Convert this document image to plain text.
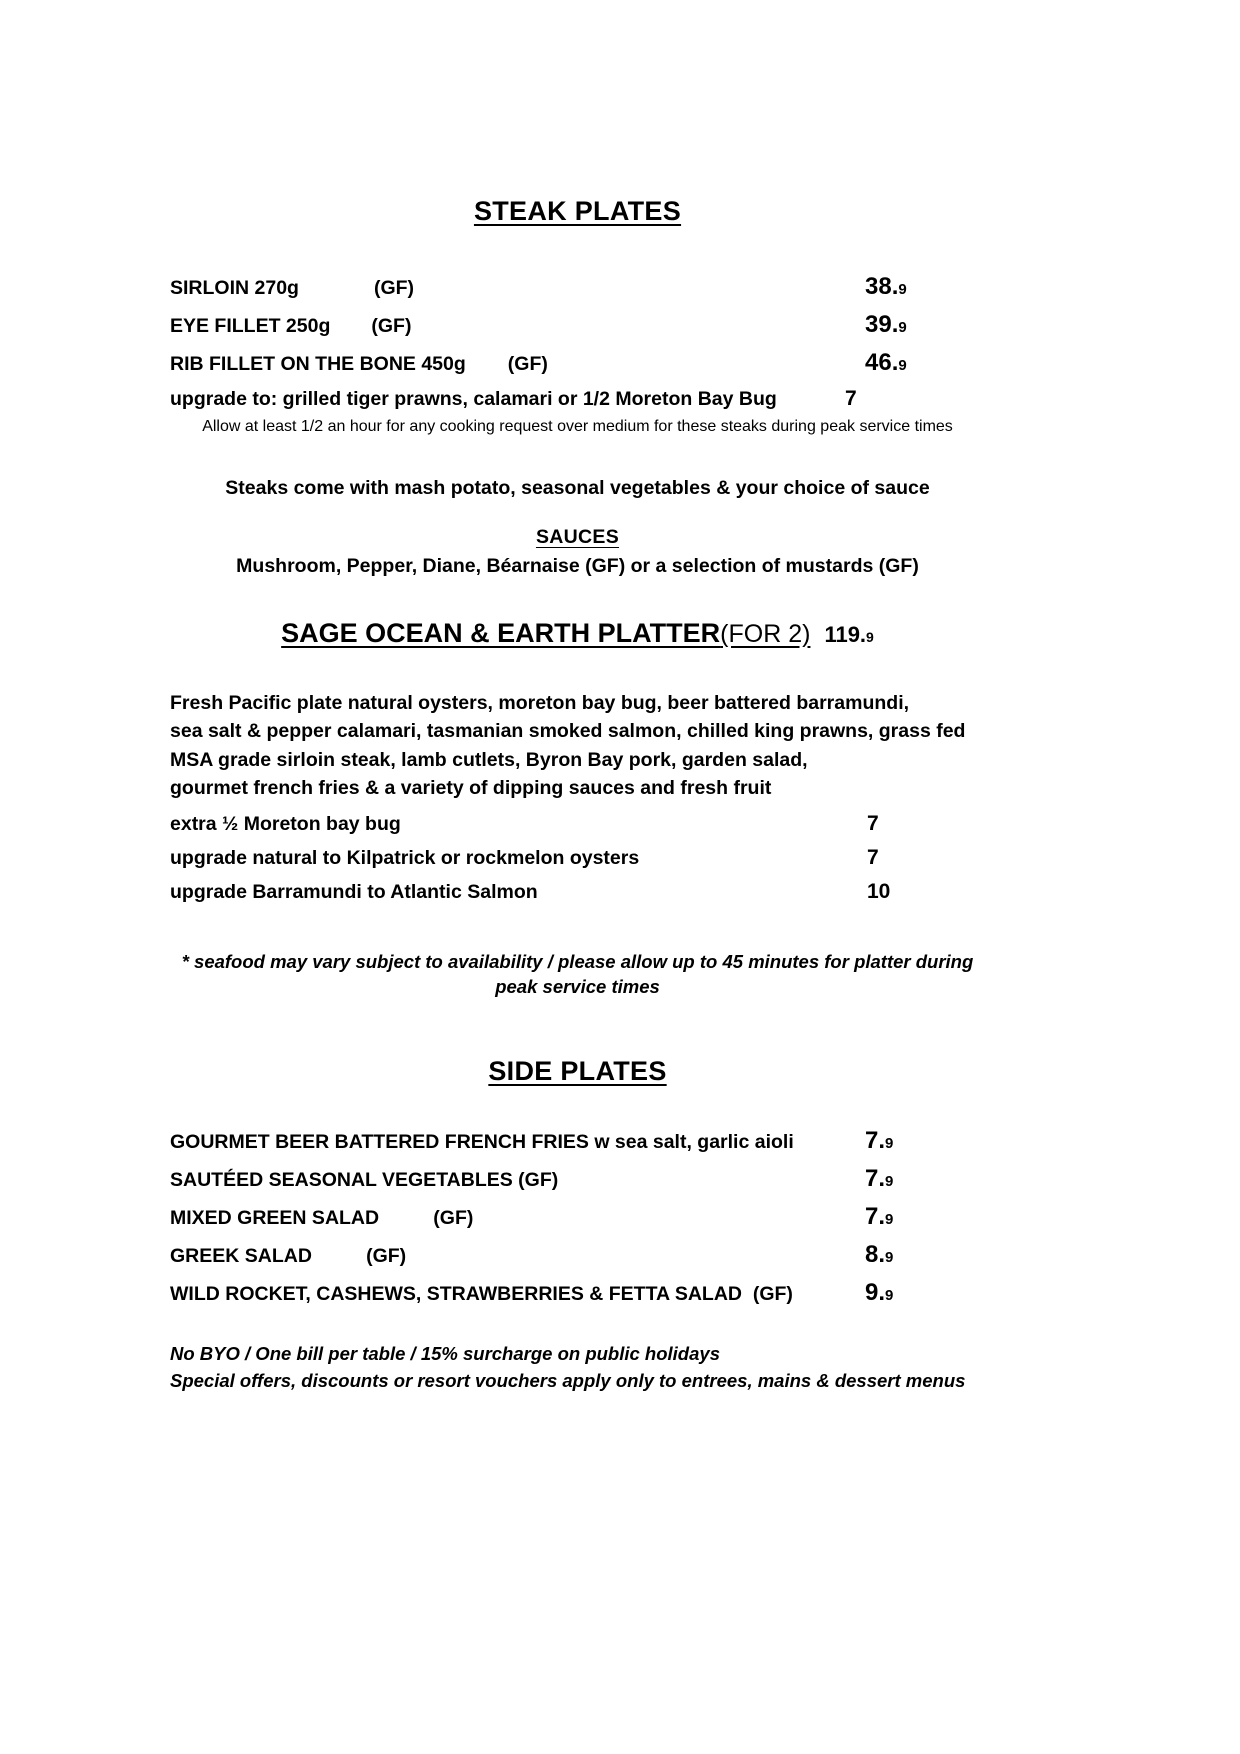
STEAK PLATES
SIRLOIN 270g	(GF)	38.9
EYE FILLET 250g	(GF)	39.9
RIB FILLET ON THE BONE 450g	(GF)	46.9
upgrade to: grilled tiger prawns, calamari or 1/2 Moreton Bay Bug	7
Allow at least 1/2 an hour for any cooking request over medium for these steaks during peak service times
Steaks come with mash potato, seasonal vegetables & your choice of sauce
SAUCES
Mushroom, Pepper, Diane, Béarnaise (GF) or a selection of mustards (GF)
SAGE OCEAN & EARTH PLATTER(FOR 2) 119.9
Fresh Pacific plate natural oysters, moreton bay bug, beer battered barramundi,
sea salt & pepper calamari, tasmanian smoked salmon, chilled king prawns, grass fed
MSA grade sirloin steak, lamb cutlets, Byron Bay pork, garden salad,
gourmet french fries & a variety of dipping sauces and fresh fruit
extra ½ Moreton bay bug	7
upgrade natural to Kilpatrick or rockmelon oysters	7
upgrade Barramundi to Atlantic Salmon	10
* seafood may vary subject to availability / please allow up to 45 minutes for platter during peak service times
SIDE PLATES
GOURMET BEER BATTERED FRENCH FRIES w sea salt, garlic aioli	7.9
SAUTÉED SEASONAL VEGETABLES (GF)	7.9
MIXED GREEN SALAD          (GF)	7.9
GREEK SALAD          (GF)	8.9
WILD ROCKET, CASHEWS, STRAWBERRIES & FETTA SALAD  (GF)	9.9
No BYO / One bill per table / 15% surcharge on public holidays
Special offers, discounts or resort vouchers apply only to entrees, mains & dessert menus
